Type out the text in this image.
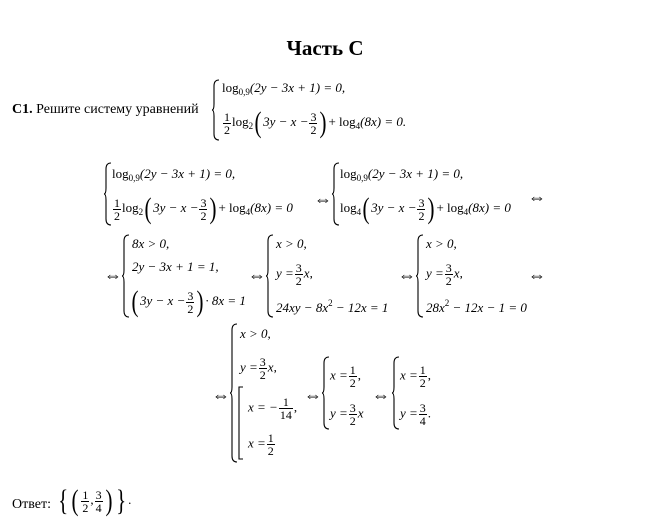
Часть C
C1. Решите систему уравнений
$\log_{0,9}(2y - 3x + 1) = 0$,
$\frac{1}{2} \log_2$( $3y - x - \frac{3}{2}$ ) + $\log_4(8x) = 0$.
$\log_{0,9}(2y - 3x + 1) = 0$,
$\frac{1}{2} \log_2$( $3y - x - \frac{3}{2}$ ) + $\log_4(8x) = 0$ ⇔
$\log_{0,9}(2y - 3x + 1) = 0$,
$\log_4$( $3y - x - \frac{3}{2}$ ) + $\log_4(8x) = 0$
⇔
⇔
8x > 0,
2y − 3x + 1 = 1,
( $3y - x - \frac{3}{2}$ ) · 8x = 1
⇔
x > 0,
$y = \frac{3}{2} x$,
$24xy - 8x^2 - 12x = 1$
⇔
x > 0,
$y = \frac{3}{2} x$,
$28x^2 - 12x - 1 = 0$
⇔
⇔
x > 0,
$y = \frac{3}{2} x$,
x = − $\frac{1}{14}$ ,
$x = \frac{1}{2}$
⇔
$x = \frac{1}{2}$ ,
$y = \frac{3}{2}$ x
⇔
$x = \frac{1}{2}$ ,
$y = \frac{3}{4}$ .
Ответ: { ( $\frac{1}{2}$ , $\frac{3}{4}$ ) } .
